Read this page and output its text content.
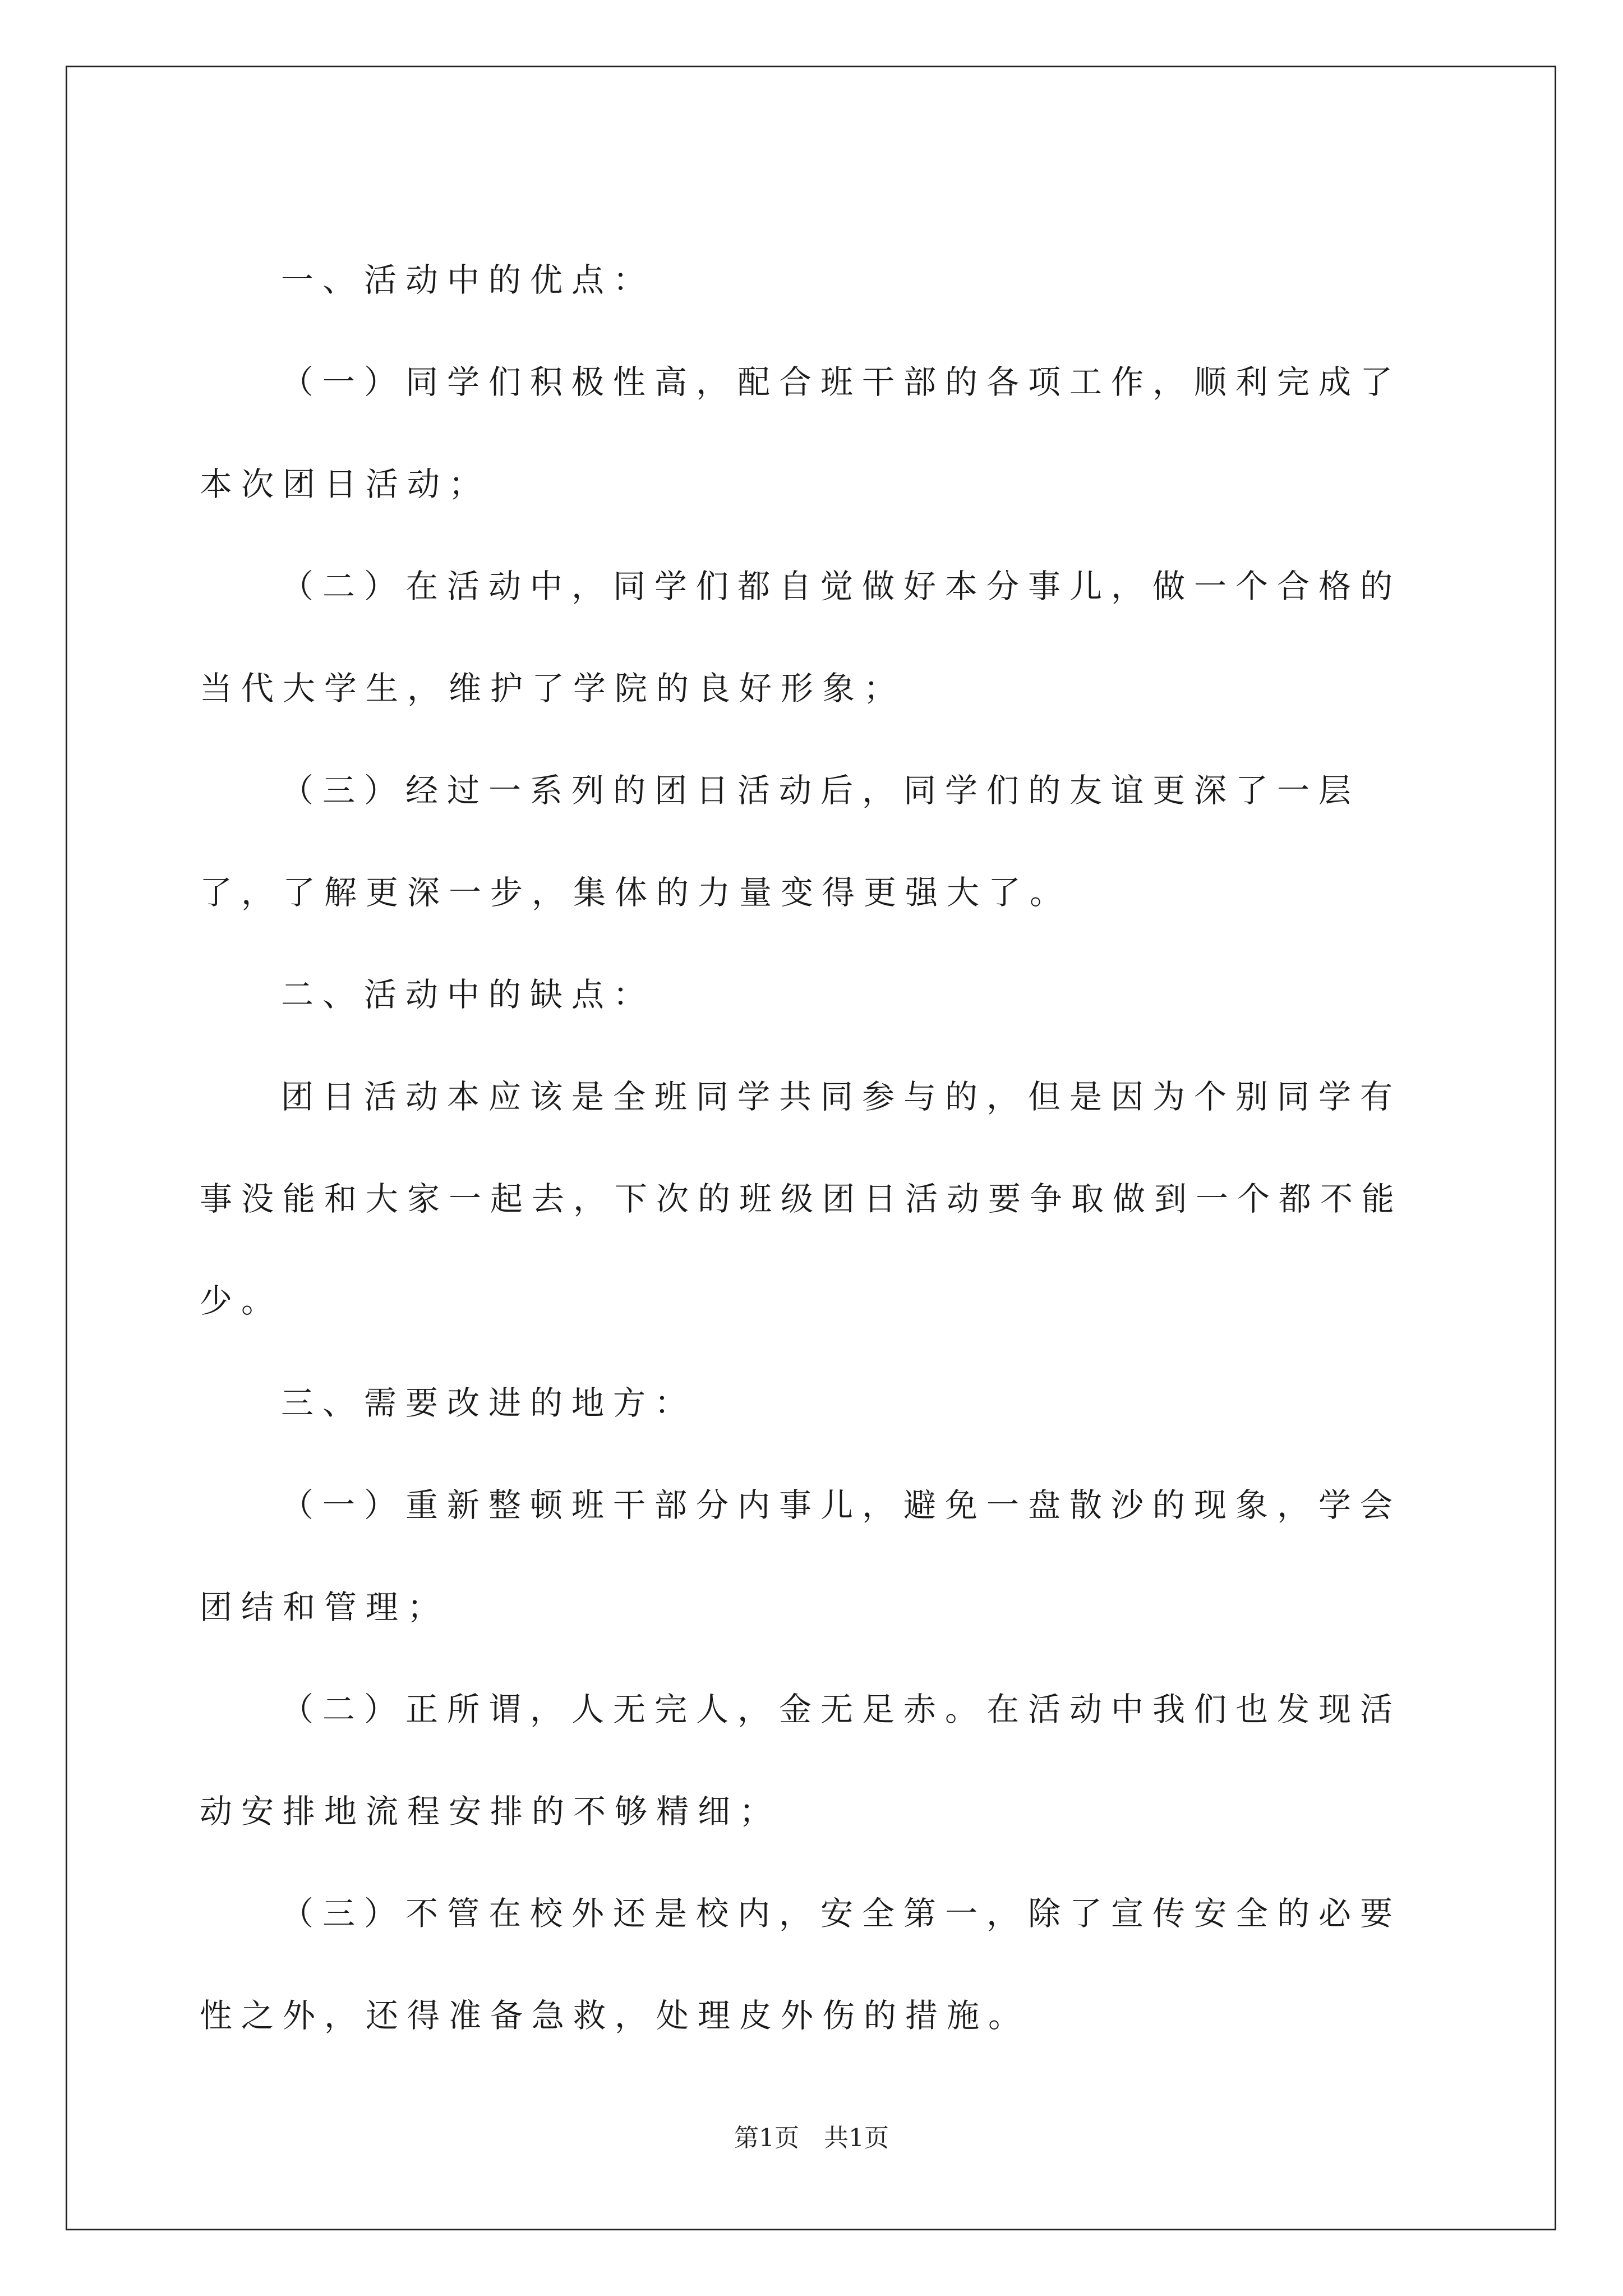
一、活动中的优点：

（一）同学们积极性高，配合班干部的各项工作，顺利完成了本次团日活动；

（二）在活动中，同学们都自觉做好本分事儿，做一个合格的当代大学生，维护了学院的良好形象；

（三）经过一系列的团日活动后，同学们的友谊更深了一层了，了解更深一步，集体的力量变得更强大了。

二、活动中的缺点：

团日活动本应该是全班同学共同参与的，但是因为个别同学有事没能和大家一起去，下次的班级团日活动要争取做到一个都不能少。

三、需要改进的地方：

（一）重新整顿班干部分内事儿，避免一盘散沙的现象，学会团结和管理；

（二）正所谓，人无完人，金无足赤。在活动中我们也发现活动安排地流程安排的不够精细；

（三）不管在校外还是校内，安全第一，除了宣传安全的必要性之外，还得准备急救，处理皮外伤的措施。

第1页　共1页
